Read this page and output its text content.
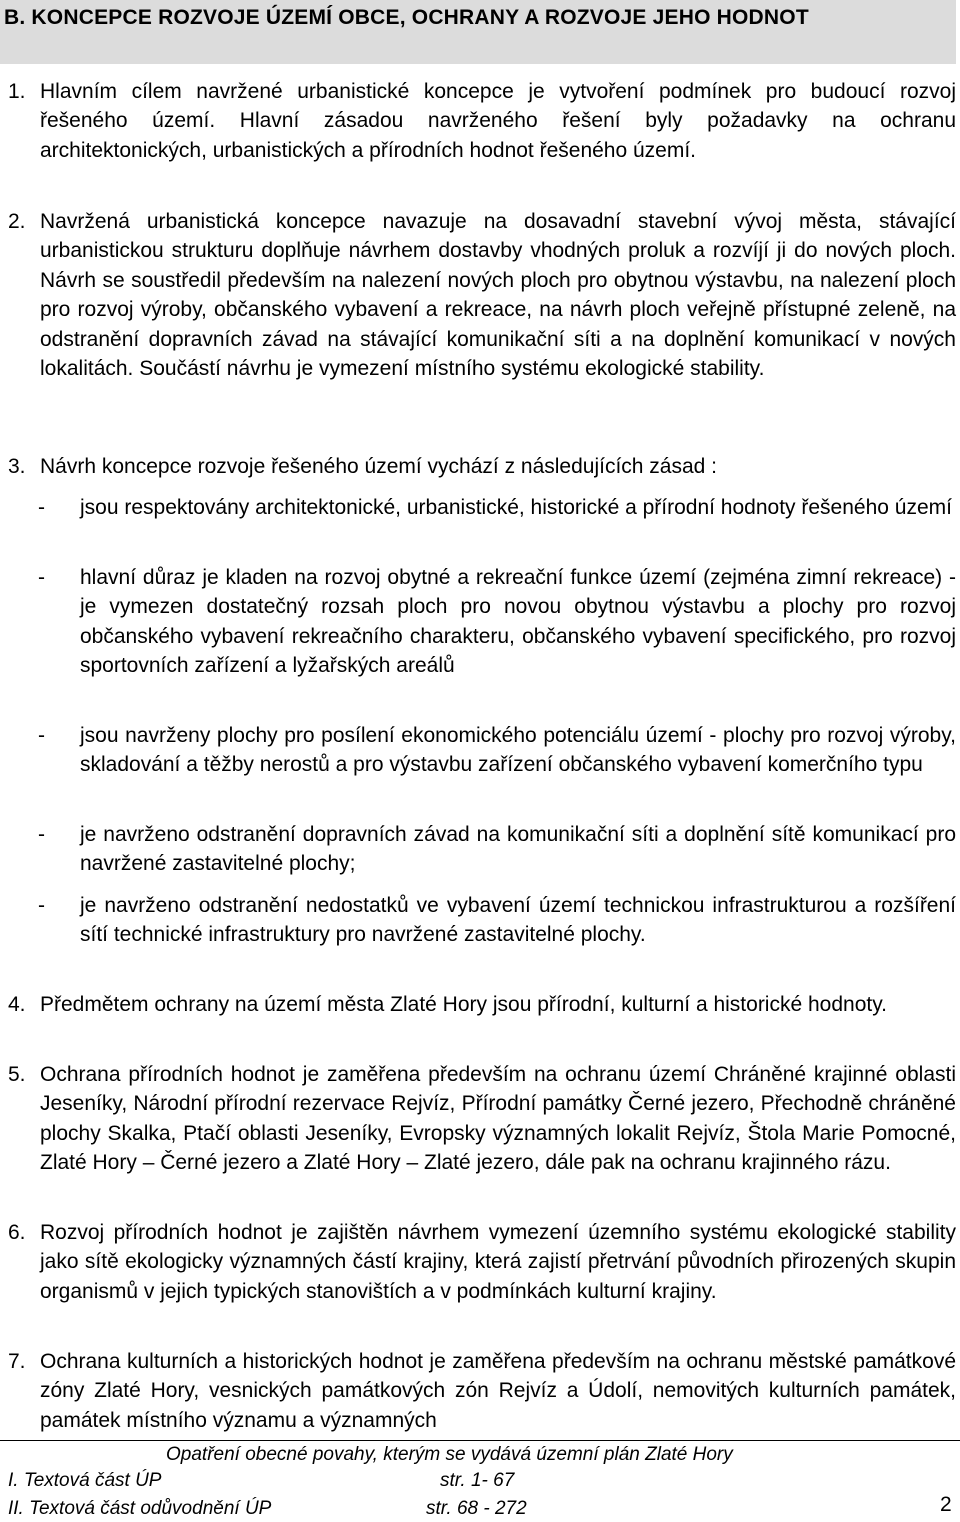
B. KONCEPCE ROZVOJE ÚZEMÍ OBCE, OCHRANY A ROZVOJE JEHO HODNOT
1. Hlavním cílem navržené urbanistické koncepce je vytvoření podmínek pro budoucí rozvoj řešeného území. Hlavní zásadou navrženého řešení byly požadavky na ochranu architektonických, urbanistických a přírodních hodnot řešeného území.
2. Navržená urbanistická koncepce navazuje na dosavadní stavební vývoj města, stávající urbanistickou strukturu doplňuje návrhem dostavby vhodných proluk a rozvíjí ji do nových ploch. Návrh se soustředil především na nalezení nových ploch pro obytnou výstavbu, na nalezení ploch pro rozvoj výroby, občanského vybavení a rekreace, na návrh ploch veřejně přístupné zeleně, na odstranění dopravních závad na stávající komunikační síti a na doplnění komunikací v nových lokalitách. Součástí návrhu je vymezení místního systému ekologické stability.
3. Návrh koncepce rozvoje řešeného území vychází z následujících zásad :
- jsou respektovány architektonické, urbanistické, historické a přírodní hodnoty řešeného území
- hlavní důraz je kladen na rozvoj obytné a rekreační funkce území (zejména zimní rekreace) - je vymezen dostatečný rozsah ploch pro novou obytnou výstavbu a plochy pro rozvoj občanského vybavení rekreačního charakteru, občanského vybavení specifického, pro rozvoj sportovních zařízení a lyžařských areálů
- jsou navrženy plochy pro posílení ekonomického potenciálu území - plochy pro rozvoj výroby, skladování a těžby nerostů a pro výstavbu zařízení občanského vybavení komerčního typu
- je navrženo odstranění dopravních závad na komunikační síti a doplnění sítě komunikací pro navržené zastavitelné plochy;
- je navrženo odstranění nedostatků ve vybavení území technickou infrastrukturou a rozšíření sítí technické infrastruktury pro navržené zastavitelné plochy.
4. Předmětem ochrany na území města Zlaté Hory jsou přírodní, kulturní a historické hodnoty.
5. Ochrana přírodních hodnot je zaměřena především na ochranu území Chráněné krajinné oblasti Jeseníky, Národní přírodní rezervace Rejvíz, Přírodní památky Černé jezero, Přechodně chráněné plochy Skalka, Ptačí oblasti Jeseníky, Evropsky významných lokalit Rejvíz, Štola Marie Pomocné, Zlaté Hory – Černé jezero a Zlaté Hory – Zlaté jezero, dále pak na ochranu krajinného rázu.
6. Rozvoj přírodních hodnot je zajištěn návrhem vymezení územního systému ekologické stability jako sítě ekologicky významných částí krajiny, která zajistí přetrvání původních přirozených skupin organismů v jejich typických stanovištích a v podmínkách kulturní krajiny.
7. Ochrana kulturních a historických hodnot je zaměřena především na ochranu městské památkové zóny Zlaté Hory, vesnických památkových zón Rejvíz a Údolí, nemovitých kulturních památek, památek místního významu a významných
Opatření obecné povahy, kterým se vydává územní plán Zlaté Hory
I. Textová část ÚP	str. 1- 67
II. Textová část odůvodnění ÚP	str. 68 - 272	2
